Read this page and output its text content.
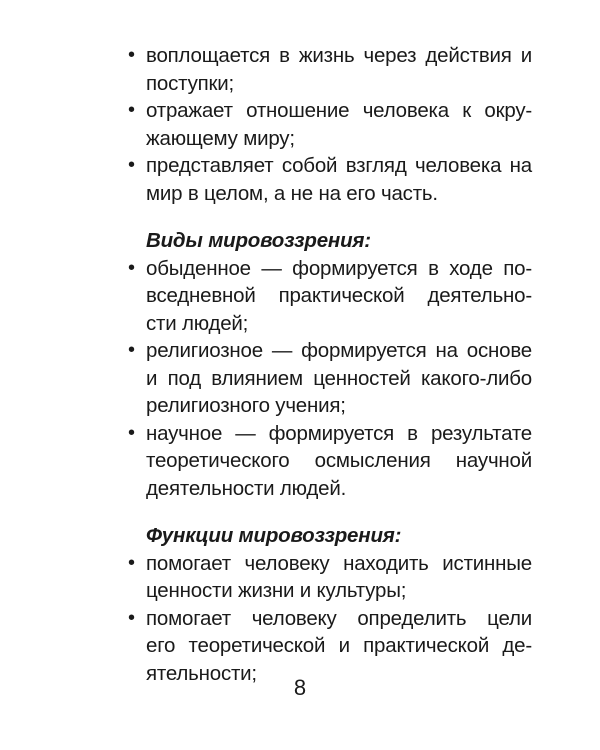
• воплощается в жизнь через действия и
поступки;
• отражает отношение человека к окру-
жающему миру;
• представляет собой взгляд человека на
мир в целом, а не на его часть.
Виды мировоззрения:
• обыденное — формируется в ходе по-
вседневной практической деятельно-
сти людей;
• религиозное — формируется на основе
и под влиянием ценностей какого-либо
религиозного учения;
• научное — формируется в результате
теоретического осмысления научной
деятельности людей.
Функции мировоззрения:
• помогает человеку находить истинные
ценности жизни и культуры;
• помогает человеку определить цели
его теоретической и практической де-
ятельности;
8
